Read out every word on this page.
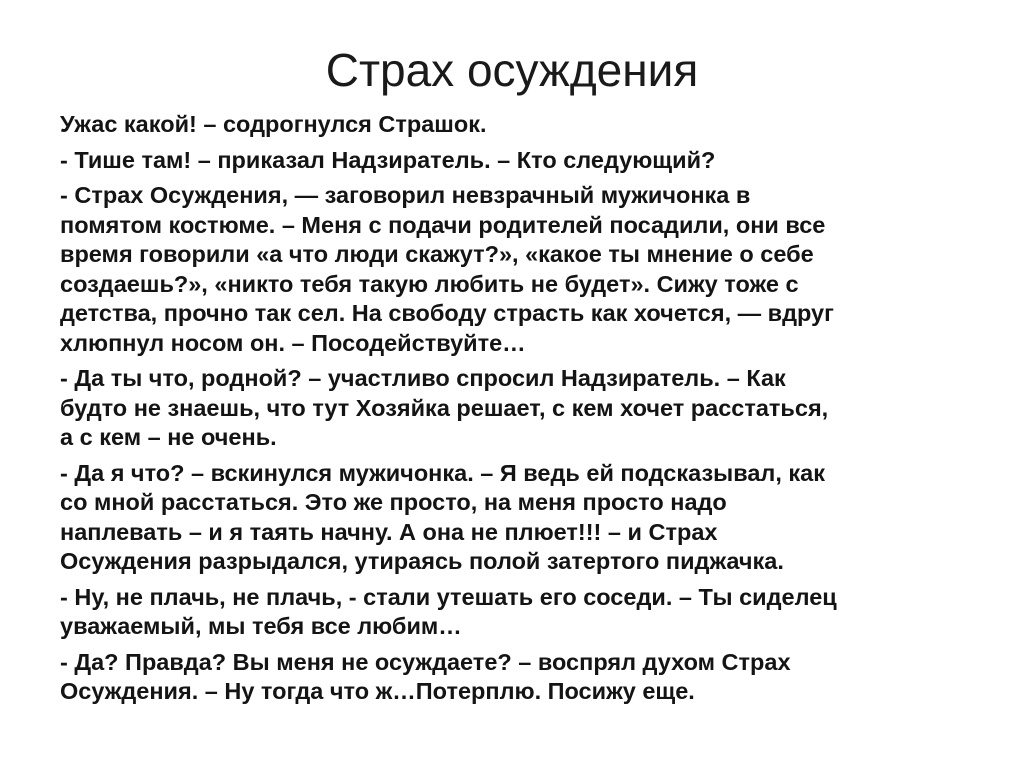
Страх осуждения

Ужас какой! – содрогнулся Страшок.

- Тише там! – приказал Надзиратель. – Кто следующий?

- Страх Осуждения, — заговорил невзрачный мужичонка в
помятом костюме. – Меня с подачи родителей посадили, они все
время говорили «а что люди скажут?», «какое ты мнение о себе
создаешь?», «никто тебя такую любить не будет». Сижу тоже с
детства, прочно так сел. На свободу страсть как хочется, — вдруг
хлюпнул носом он. – Посодействуйте…

- Да ты что, родной? – участливо спросил Надзиратель. – Как
будто не знаешь, что тут Хозяйка решает, с кем хочет расстаться,
а с кем – не очень.

- Да я что? – вскинулся мужичонка. – Я ведь ей подсказывал, как
со мной расстаться. Это же просто, на меня просто надо
наплевать – и я таять начну. А она не плюет!!! – и Страх
Осуждения разрыдался, утираясь полой затертого пиджачка.

- Ну, не плачь, не плачь, - стали утешать его соседи. – Ты сиделец
уважаемый, мы тебя все любим…

- Да? Правда? Вы меня не осуждаете? – воспрял духом Страх
Осуждения. – Ну тогда что ж…Потерплю. Посижу еще.
